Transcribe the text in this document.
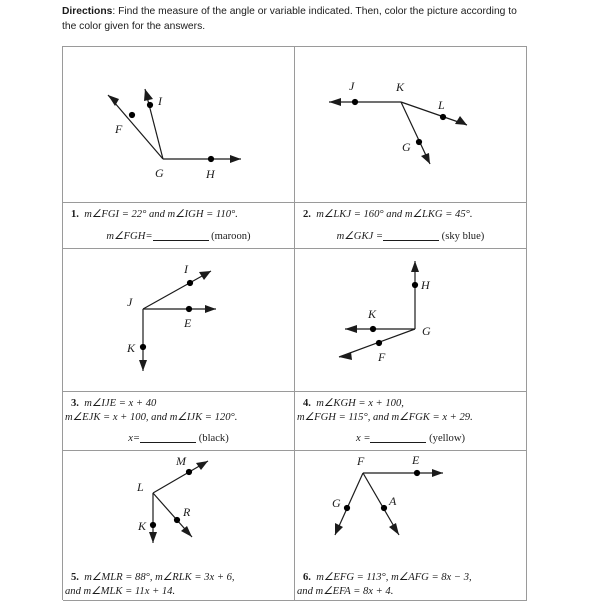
Directions: Find the measure of the angle or variable indicated. Then, color the picture according to the color given for the answers.
F
G	H
I
1. m∠FGI = 22° and m∠IGH = 110°.
m∠FGH=	(maroon)
J	K
L
G
2. m∠LKJ = 160° and m∠LKG = 45°.
m∠GKJ =	(sky blue)
I
J
E
K
3. m∠IJE = x + 40
m∠EJK = x + 100, and m∠IJK = 120°.
x=	(black)
H
K
G
F
4. m∠KGH = x + 100,
m∠FGH = 115°, and m∠FGK = x + 29.
x =	(yellow)
M
L
R
K
5. m∠MLR = 88°, m∠RLK = 3x + 6,
and m∠MLK = 11x + 14.
F	E
G	A
6. m∠EFG = 113°, m∠AFG = 8x − 3,
and m∠EFA = 8x + 4.
